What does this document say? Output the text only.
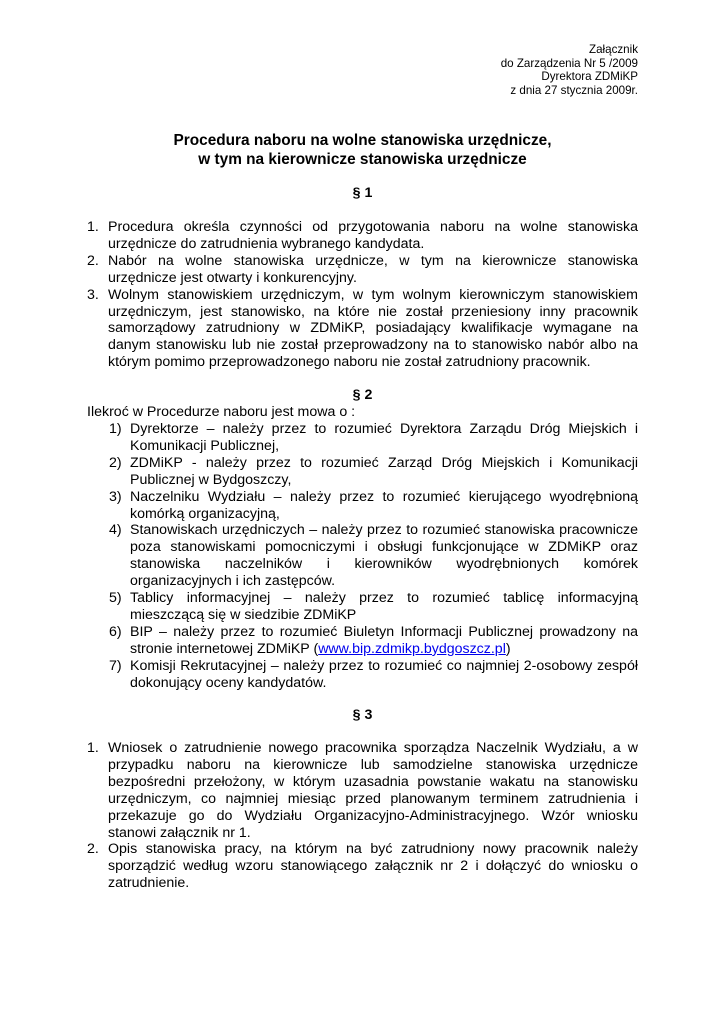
Załącznik
do Zarządzenia Nr 5 /2009
Dyrektora ZDMiKP
z dnia 27 stycznia 2009r.
Procedura naboru na wolne stanowiska urzędnicze,
w tym na kierownicze stanowiska urzędnicze
§ 1
1. Procedura określa czynności od przygotowania naboru na wolne stanowiska urzędnicze do zatrudnienia wybranego kandydata.
2. Nabór na wolne stanowiska urzędnicze, w tym na kierownicze stanowiska urzędnicze jest otwarty i konkurencyjny.
3. Wolnym stanowiskiem urzędniczym, w tym wolnym kierowniczym stanowiskiem urzędniczym, jest stanowisko, na które nie został przeniesiony inny pracownik samorządowy zatrudniony w ZDMiKP, posiadający kwalifikacje wymagane na danym stanowisku lub nie został przeprowadzony na to stanowisko nabór albo na którym pomimo przeprowadzonego naboru nie został zatrudniony pracownik.
§ 2
Ilekroć w Procedurze naboru jest mowa o :
1) Dyrektorze – należy przez to rozumieć Dyrektora Zarządu Dróg Miejskich i Komunikacji Publicznej,
2) ZDMiKP - należy przez to rozumieć Zarząd Dróg Miejskich i Komunikacji Publicznej w Bydgoszczy,
3) Naczelniku Wydziału – należy przez to rozumieć kierującego wyodrębnioną komórką organizacyjną,
4) Stanowiskach urzędniczych – należy przez to rozumieć stanowiska pracownicze poza stanowiskami pomocniczymi i obsługi funkcjonujące w ZDMiKP oraz stanowiska naczelników i kierowników wyodrębnionych komórek organizacyjnych i ich zastępców.
5) Tablicy informacyjnej – należy przez to rozumieć tablicę informacyjną mieszczącą się w siedzibie ZDMiKP
6) BIP – należy przez to rozumieć Biuletyn Informacji Publicznej prowadzony na stronie internetowej ZDMiKP (www.bip.zdmikp.bydgoszcz.pl)
7) Komisji Rekrutacyjnej – należy przez to rozumieć co najmniej 2-osobowy zespół dokonujący oceny kandydatów.
§ 3
1. Wniosek o zatrudnienie nowego pracownika sporządza Naczelnik Wydziału, a w przypadku naboru na kierownicze lub samodzielne stanowiska urzędnicze bezpośredni przełożony, w którym uzasadnia powstanie wakatu na stanowisku urzędniczym, co najmniej miesiąc przed planowanym terminem zatrudnienia i przekazuje go do Wydziału Organizacyjno-Administracyjnego. Wzór wniosku stanowi załącznik nr 1.
2. Opis stanowiska pracy, na którym na być zatrudniony nowy pracownik należy sporządzić według wzoru stanowiącego załącznik nr 2 i dołączyć do wniosku o zatrudnienie.
